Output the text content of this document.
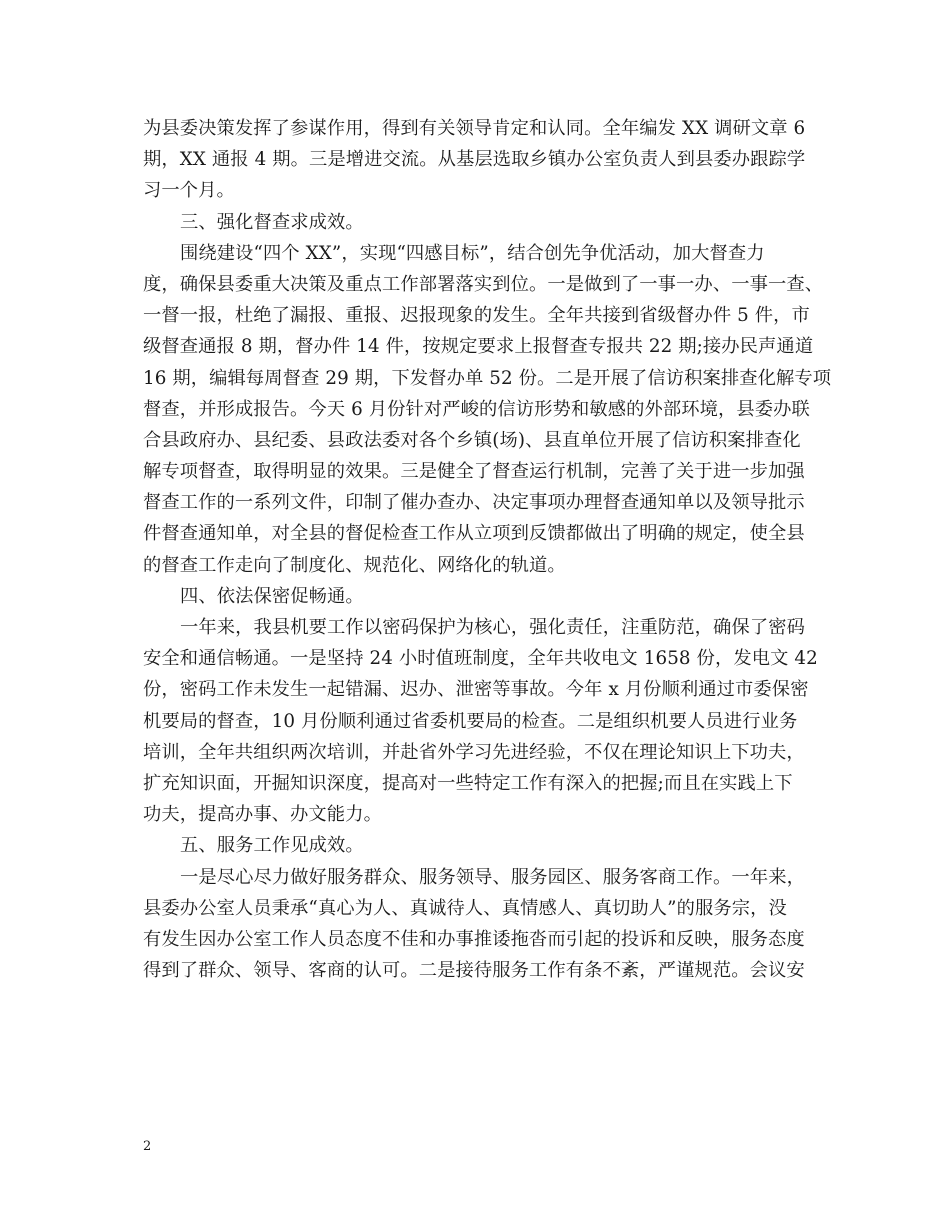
为县委决策发挥了参谋作用，得到有关领导肯定和认同。全年编发 XX 调研文章 6
期，XX 通报 4 期。三是增进交流。从基层选取乡镇办公室负责人到县委办跟踪学
习一个月。
三、强化督查求成效。
围绕建设“四个 XX”，实现“四感目标”，结合创先争优活动，加大督查力
度，确保县委重大决策及重点工作部署落实到位。一是做到了一事一办、一事一查、
一督一报，杜绝了漏报、重报、迟报现象的发生。全年共接到省级督办件 5 件，市
级督查通报 8 期，督办件 14 件，按规定要求上报督查专报共 22 期;接办民声通道
16 期，编辑每周督查 29 期，下发督办单 52 份。二是开展了信访积案排查化解专项
督查，并形成报告。今天 6 月份针对严峻的信访形势和敏感的外部环境，县委办联
合县政府办、县纪委、县政法委对各个乡镇(场)、县直单位开展了信访积案排查化
解专项督查，取得明显的效果。三是健全了督查运行机制，完善了关于进一步加强
督查工作的一系列文件，印制了催办查办、决定事项办理督查通知单以及领导批示
件督查通知单，对全县的督促检查工作从立项到反馈都做出了明确的规定，使全县
的督查工作走向了制度化、规范化、网络化的轨道。
四、依法保密促畅通。
一年来，我县机要工作以密码保护为核心，强化责任，注重防范，确保了密码
安全和通信畅通。一是坚持 24 小时值班制度，全年共收电文 1658 份，发电文 42
份，密码工作未发生一起错漏、迟办、泄密等事故。今年 x 月份顺利通过市委保密
机要局的督查，10 月份顺利通过省委机要局的检查。二是组织机要人员进行业务
培训，全年共组织两次培训，并赴省外学习先进经验，不仅在理论知识上下功夫，
扩充知识面，开掘知识深度，提高对一些特定工作有深入的把握;而且在实践上下
功夫，提高办事、办文能力。
五、服务工作见成效。
一是尽心尽力做好服务群众、服务领导、服务园区、服务客商工作。一年来，
县委办公室人员秉承“真心为人、真诚待人、真情感人、真切助人”的服务宗，没
有发生因办公室工作人员态度不佳和办事推诿拖沓而引起的投诉和反映，服务态度
得到了群众、领导、客商的认可。二是接待服务工作有条不紊，严谨规范。会议安
2
